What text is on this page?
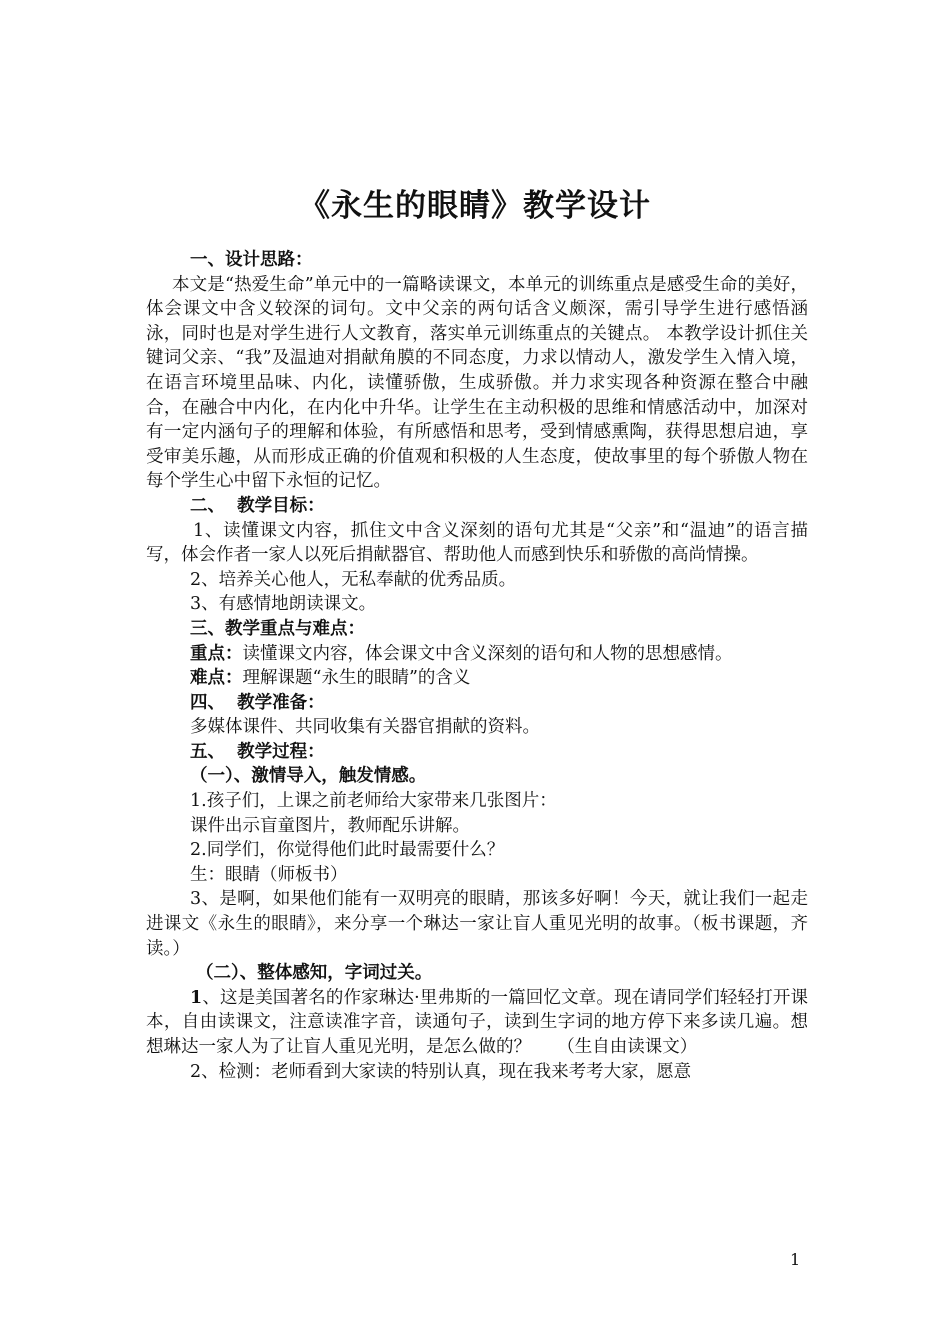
《永生的眼睛》教学设计

一、设计思路：

本文是“热爱生命”单元中的一篇略读课文，本单元的训练重点是感受生命的美好，体会课文中含义较深的词句。文中父亲的两句话含义颇深，需引导学生进行感悟涵泳，同时也是对学生进行人文教育，落实单元训练重点的关键点。 本教学设计抓住关键词父亲、“我”及温迪对捐献角膜的不同态度，力求以情动人，激发学生入情入境，在语言环境里品味、内化，读懂骄傲，生成骄傲。并力求实现各种资源在整合中融合，在融合中内化，在内化中升华。让学生在主动积极的思维和情感活动中，加深对有一定内涵句子的理解和体验，有所感悟和思考，受到情感熏陶，获得思想启迪，享受审美乐趣，从而形成正确的价值观和积极的人生态度，使故事里的每个骄傲人物在每个学生心中留下永恒的记忆。

二、  教学目标：

1、读懂课文内容，抓住文中含义深刻的语句尤其是“父亲”和“温迪”的语言描写，体会作者一家人以死后捐献器官、帮助他人而感到快乐和骄傲的高尚情操。

2、培养关心他人，无私奉献的优秀品质。

3、有感情地朗读课文。

三、教学重点与难点：

重点：读懂课文内容，体会课文中含义深刻的语句和人物的思想感情。

难点：理解课题“永生的眼睛”的含义

四、  教学准备：

多媒体课件、共同收集有关器官捐献的资料。

五、  教学过程：

（一）、激情导入，触发情感。

1.孩子们，上课之前老师给大家带来几张图片：

课件出示盲童图片，教师配乐讲解。

2.同学们，你觉得他们此时最需要什么？

生：眼睛（师板书）

3、是啊，如果他们能有一双明亮的眼睛，那该多好啊！今天，就让我们一起走进课文《永生的眼睛》，来分享一个琳达一家让盲人重见光明的故事。（板书课题，齐读。）

（二）、整体感知，字词过关。

1、这是美国著名的作家琳达·里弗斯的一篇回忆文章。现在请同学们轻轻打开课本，自由读课文，注意读准字音，读通句子，读到生字词的地方停下来多读几遍。想想琳达一家人为了让盲人重见光明，是怎么做的？　　（生自由读课文）

2、检测：老师看到大家读的特别认真，现在我来考考大家，愿意

1
